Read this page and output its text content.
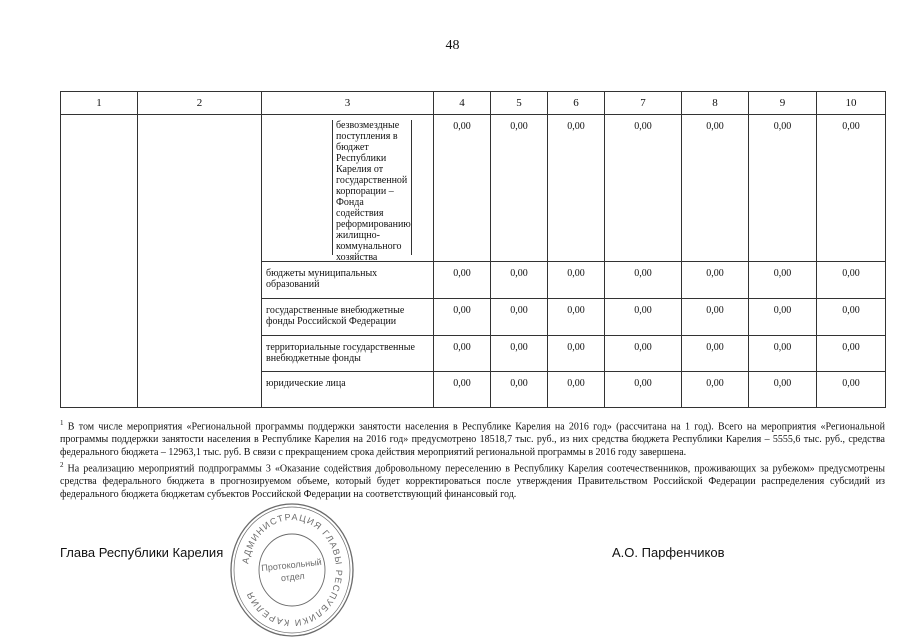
48
1	2	3	4	5	6	7	8	9	10

		безвозмездные поступления в бюджет Республики Карелия от государственной корпорации – Фонда содействия реформированию жилищно-коммунального хозяйства	0,00	0,00	0,00	0,00	0,00	0,00	0,00
		бюджеты муниципальных образований	0,00	0,00	0,00	0,00	0,00	0,00	0,00
		государственные внебюджетные фонды Российской Федерации	0,00	0,00	0,00	0,00	0,00	0,00	0,00
		территориальные государственные внебюджетные фонды	0,00	0,00	0,00	0,00	0,00	0,00	0,00
		юридические лица	0,00	0,00	0,00	0,00	0,00	0,00	0,00

$^1$ В том числе мероприятия «Региональной программы поддержки занятости населения в Республике Карелия на 2016 год» (рассчитана на 1 год). Всего на мероприятия «Региональной программы поддержки занятости населения в Республике Карелия на 2016 год» предусмотрено 18518,7 тыс. руб., из них средства бюджета Республики Карелия – 5555,6 тыс. руб., средства федерального бюджета – 12963,1 тыс. руб. В связи с прекращением срока действия мероприятий региональной программы в 2016 году завершена.

$^2$ На реализацию мероприятий подпрограммы 3 «Оказание содействия добровольному переселению в Республику Карелия соотечественников, проживающих за рубежом» предусмотрены средства федерального бюджета в прогнозируемом объеме, который будет корректироваться после утверждения Правительством Российской Федерации распределения субсидий из федерального бюджета бюджетам субъектов Российской Федерации на соответствующий финансовый год.

Глава Республики Карелия	А.О. Парфенчиков
АДМИНИСТРАЦИЯ ГЛАВЫ РЕСПУБЛИКИ КАРЕЛИЯ
Протокольный
отдел
